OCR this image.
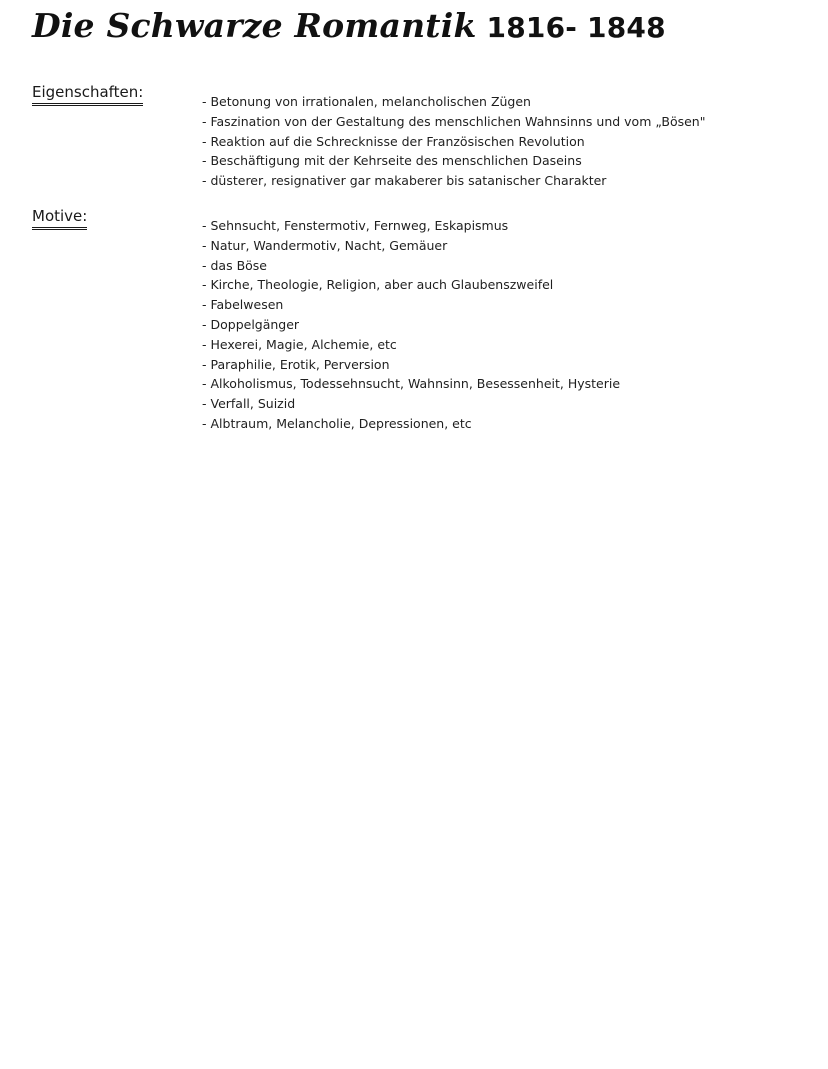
Die Schwarze Romantik 1816- 1848
Eigenschaften:
- Betonung von irrationalen, melancholischen Zügen
- Faszination von der Gestaltung des menschlichen Wahnsinns und vom „Bösen"
- Reaktion auf die Schrecknisse der Französischen Revolution
- Beschäftigung mit der Kehrseite des menschlichen Daseins
- düsterer, resignativer gar makaberer bis satanischer Charakter
Motive:
- Sehnsucht, Fenstermotiv, Fernweg, Eskapismus
- Natur, Wandermotiv, Nacht, Gemäuer
- das Böse
- Kirche, Theologie, Religion, aber auch Glaubenszweifel
- Fabelwesen
- Doppelgänger
- Hexerei, Magie, Alchemie, etc
- Paraphilie, Erotik, Perversion
- Alkoholismus, Todessehnsucht, Wahnsinn, Besessenheit, Hysterie
- Verfall, Suizid
- Albtraum, Melancholie, Depressionen, etc
